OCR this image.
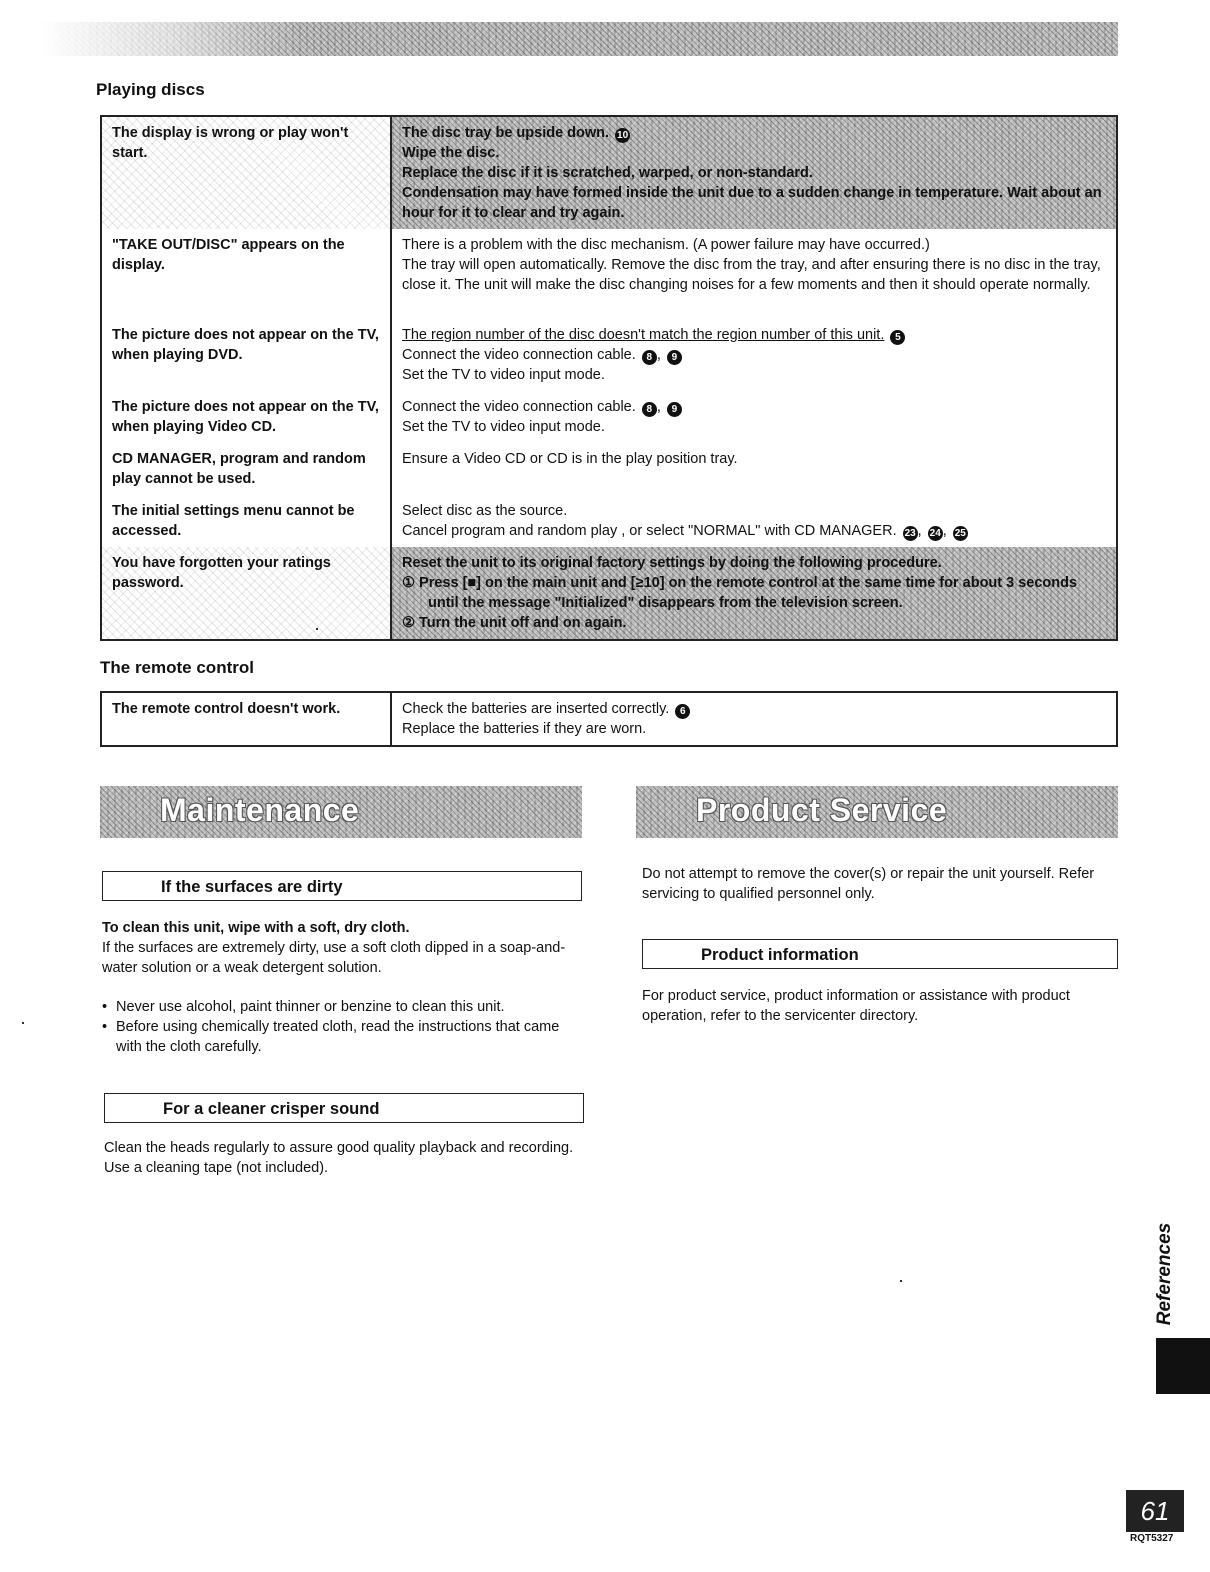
Playing discs
The display is wrong or play won't start.	The disc tray be upside down. 10
Wipe the disc.
Replace the disc if it is scratched, warped, or non-standard.
Condensation may have formed inside the unit due to a sudden change in temperature. Wait about an hour for it to clear and try again.

"TAKE OUT/DISC" appears on the display.	There is a problem with the disc mechanism. (A power failure may have occurred.)
The tray will open automatically. Remove the disc from the tray, and after ensuring there is no disc in the tray, close it. The unit will make the disc changing noises for a few moments and then it should operate normally.

The picture does not appear on the TV, when playing DVD.	The region number of the disc doesn't match the region number of this unit. 5
Connect the video connection cable. 8 , 9
Set the TV to video input mode.

The picture does not appear on the TV, when playing Video CD.	Connect the video connection cable. 8 , 9
Set the TV to video input mode.

CD MANAGER, program and random play cannot be used.	Ensure a Video CD or CD is in the play position tray.

The initial settings menu cannot be accessed.	Select disc as the source.
Cancel program and random play , or select "NORMAL" with CD MANAGER. 23 , 24 , 25

You have forgotten your ratings password.	Reset the unit to its original factory settings by doing the following procedure.
① Press [■] on the main unit and [≥10] on the remote control at the same time for about 3 seconds
until the message "Initialized" disappears from the television screen.
② Turn the unit off and on again.
The remote control
The remote control doesn't work.	Check the batteries are inserted correctly. 6
Replace the batteries if they are worn.
Maintenance	Product Service
If the surfaces are dirty
To clean this unit, wipe with a soft, dry cloth.
If the surfaces are extremely dirty, use a soft cloth dipped in a soap-and-water solution or a weak detergent solution.
• Never use alcohol, paint thinner or benzine to clean this unit.
• Before using chemically treated cloth, read the instructions that came with the cloth carefully.
For a cleaner crisper sound
Clean the heads regularly to assure good quality playback and recording.
Use a cleaning tape (not included).
Do not attempt to remove the cover(s) or repair the unit yourself. Refer servicing to qualified personnel only.
Product information
For product service, product information or assistance with product operation, refer to the servicenter directory.
References
61
RQT5327
